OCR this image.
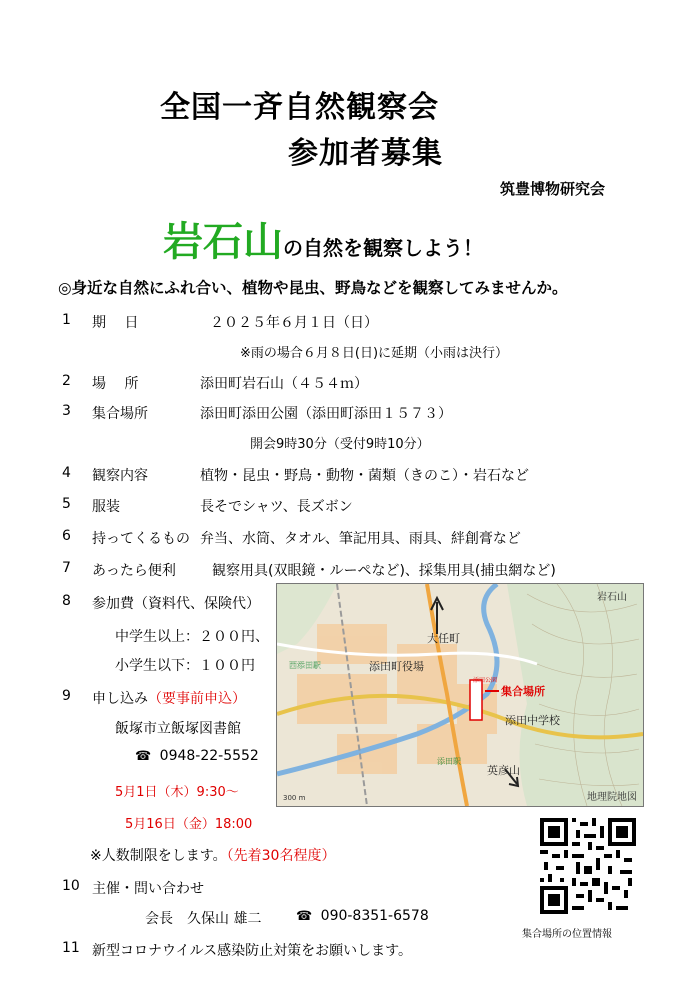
全国一斉自然観察会
参加者募集
筑豊博物研究会
岩石山の自然を観察しよう！
◎身近な自然にふれ合い、植物や昆虫、野鳥などを観察してみませんか。
1	期　 日	２０２５年６月１日（日）
※雨の場合６月８日(日)に延期（小雨は決行）
2	場　 所	添田町岩石山（４５４ｍ）
3	集合場所	添田町添田公園（添田町添田１５７３）
開会9時30分（受付9時10分）
4	観察内容	植物・昆虫・野鳥・動物・菌類（きのこ）・岩石など
5	服装	長そでシャツ、長ズボン
6	持ってくるもの 弁当、水筒、タオル、筆記用具、雨具、絆創膏など
7	あったら便利	観察用具(双眼鏡・ルーペなど)、採集用具(捕虫網など)
8	参加費（資料代、保険代）
中学生以上：２００円、
小学生以下：１００円
9	申し込み（要事前申込）
飯塚市立飯塚図書館
☎ 0948-22-5552
5月1日（木）9:30～
5月16日（金）18:00
※人数制限をします。（先着30名程度）
10 主催・問い合わせ
会長　久保山 雄二	☎ 090-8351-6578
11 新型コロナウイルス感染防止対策をお願いします。
岩石山
大任町
添田町役場
西添田駅
添田駅
添田公園
集合場所
添田中学校
英彦山
地理院地図
300 m
集合場所の位置情報
